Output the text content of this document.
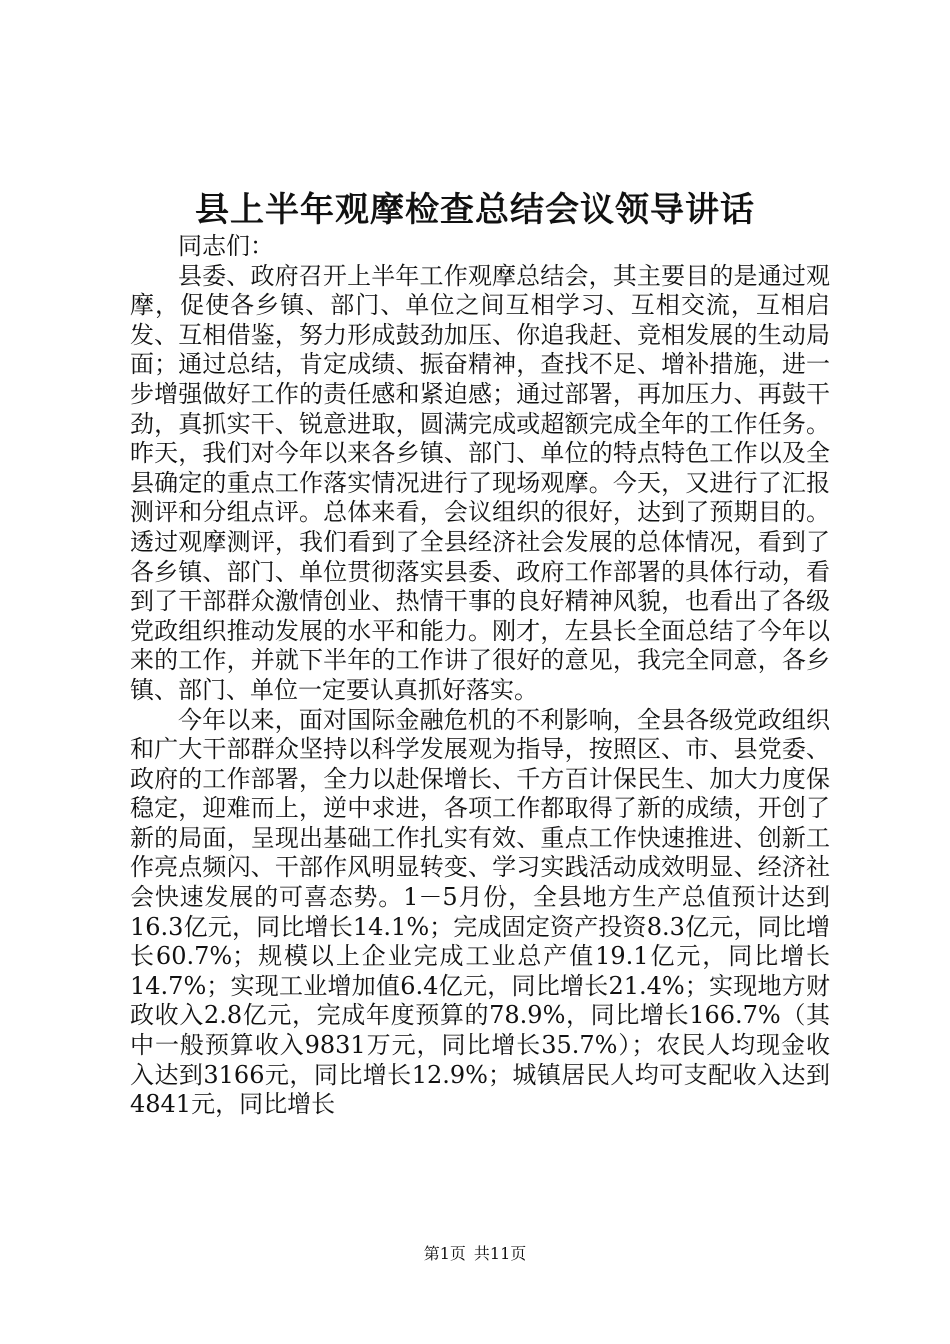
县上半年观摩检查总结会议领导讲话

同志们：

县委、政府召开上半年工作观摩总结会，其主要目的是通过观摩，促使各乡镇、部门、单位之间互相学习、互相交流，互相启发、互相借鉴，努力形成鼓劲加压、你追我赶、竞相发展的生动局面；通过总结，肯定成绩、振奋精神，查找不足、增补措施，进一步增强做好工作的责任感和紧迫感；通过部署，再加压力、再鼓干劲，真抓实干、锐意进取，圆满完成或超额完成全年的工作任务。昨天，我们对今年以来各乡镇、部门、单位的特点特色工作以及全县确定的重点工作落实情况进行了现场观摩。今天，又进行了汇报测评和分组点评。总体来看，会议组织的很好，达到了预期目的。透过观摩测评，我们看到了全县经济社会发展的总体情况，看到了各乡镇、部门、单位贯彻落实县委、政府工作部署的具体行动，看到了干部群众激情创业、热情干事的良好精神风貌，也看出了各级党政组织推动发展的水平和能力。刚才，左县长全面总结了今年以来的工作，并就下半年的工作讲了很好的意见，我完全同意，各乡镇、部门、单位一定要认真抓好落实。

今年以来，面对国际金融危机的不利影响，全县各级党政组织和广大干部群众坚持以科学发展观为指导，按照区、市、县党委、政府的工作部署，全力以赴保增长、千方百计保民生、加大力度保稳定，迎难而上，逆中求进，各项工作都取得了新的成绩，开创了新的局面，呈现出基础工作扎实有效、重点工作快速推进、创新工作亮点频闪、干部作风明显转变、学习实践活动成效明显、经济社会快速发展的可喜态势。1－5月份，全县地方生产总值预计达到16.3亿元，同比增长14.1%；完成固定资产投资8.3亿元，同比增长60.7%；规模以上企业完成工业总产值19.1亿元，同比增长14.7%；实现工业增加值6.4亿元，同比增长21.4%；实现地方财政收入2.8亿元，完成年度预算的78.9%，同比增长166.7%（其中一般预算收入9831万元，同比增长35.7%）；农民人均现金收入达到3166元，同比增长12.9%；城镇居民人均可支配收入达到4841元，同比增长

第1页 共11页
